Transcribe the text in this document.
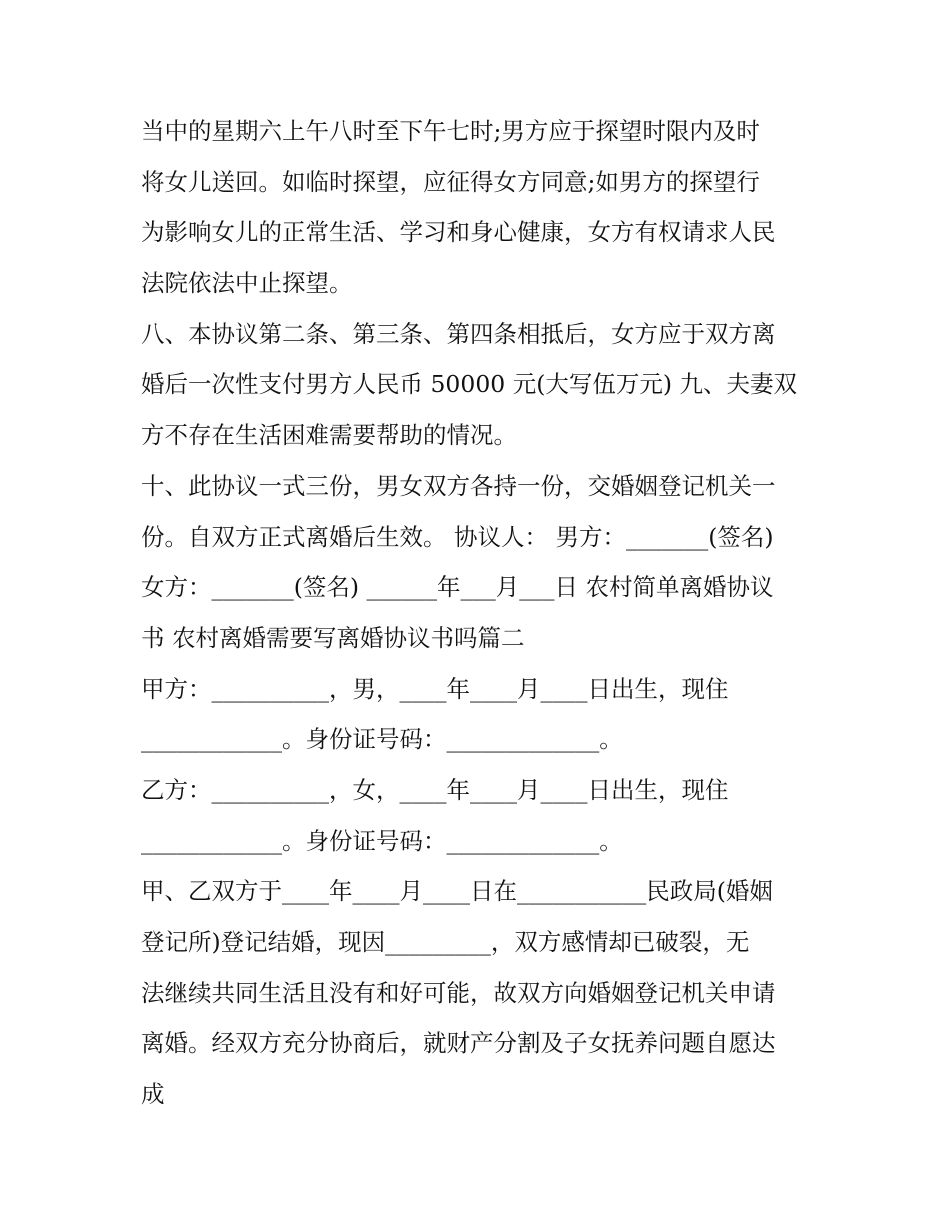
当中的星期六上午八时至下午七时;男方应于探望时限内及时
将女儿送回。如临时探望，应征得女方同意;如男方的探望行
为影响女儿的正常生活、学习和身心健康，女方有权请求人民
法院依法中止探望。
八、本协议第二条、第三条、第四条相抵后，女方应于双方离
婚后一次性支付男方人民币 50000 元(大写伍万元) 九、夫妻双
方不存在生活困难需要帮助的情况。
十、此协议一式三份，男女双方各持一份，交婚姻登记机关一
份。自双方正式离婚后生效。 协议人： 男方：_______(签名)
女方：_______(签名) ______年___月___日 农村简单离婚协议
书 农村离婚需要写离婚协议书吗篇二
甲方：__________，男，____年____月____日出生，现住
____________。身份证号码：_____________。
乙方：__________，女，____年____月____日出生，现住
____________。身份证号码：_____________。
甲、乙双方于____年____月____日在___________民政局(婚姻
登记所)登记结婚，现因_________，双方感情却已破裂，无
法继续共同生活且没有和好可能，故双方向婚姻登记机关申请
离婚。经双方充分协商后，就财产分割及子女抚养问题自愿达
成
